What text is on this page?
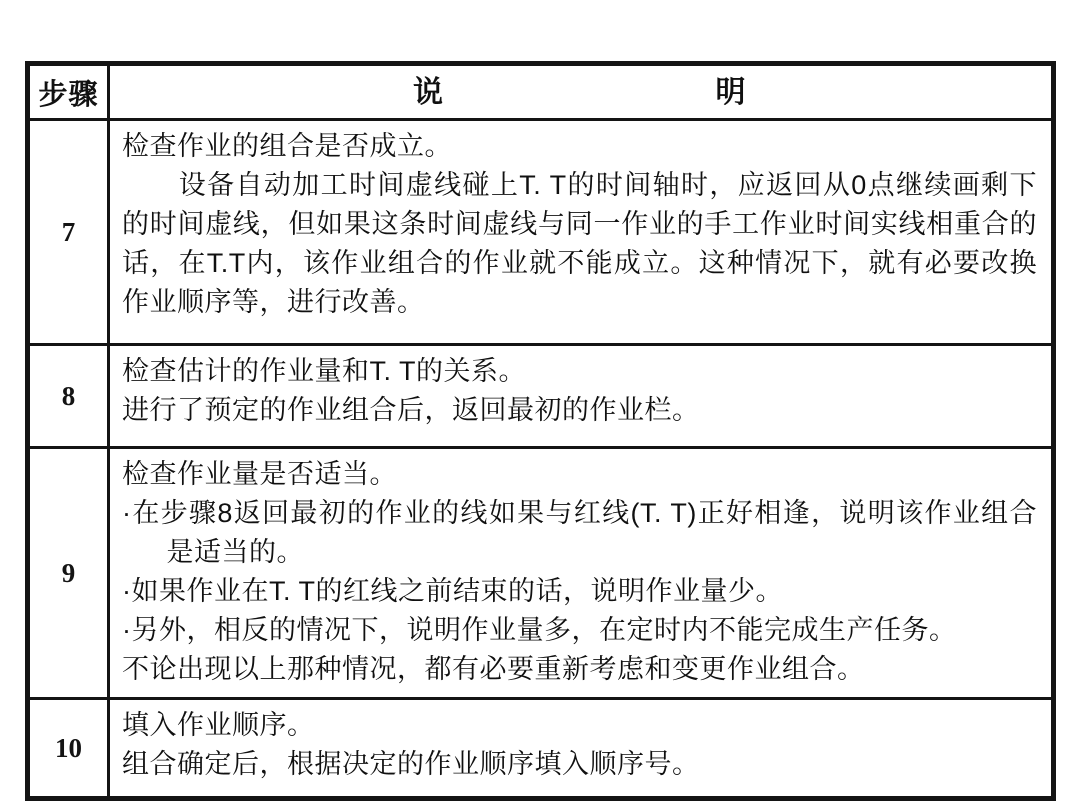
步骤	说	明
7
检查作业的组合是否成立。
设备自动加工时间虚线碰上T. T的时间轴时，应返回从0点继续画剩下的时间虚线，但如果这条时间虚线与同一作业的手工作业时间实线相重合的话，在T.T内，该作业组合的作业就不能成立。这种情况下，就有必要改换作业顺序等，进行改善。
8
检查估计的作业量和T. T的关系。
进行了预定的作业组合后，返回最初的作业栏。
9
检查作业量是否适当。
·在步骤8返回最初的作业的线如果与红线(T. T)正好相逢，说明该作业组合是适当的。
·如果作业在T. T的红线之前结束的话，说明作业量少。
·另外，相反的情况下，说明作业量多，在定时内不能完成生产任务。
不论出现以上那种情况，都有必要重新考虑和变更作业组合。
10
填入作业顺序。
组合确定后，根据决定的作业顺序填入顺序号。
